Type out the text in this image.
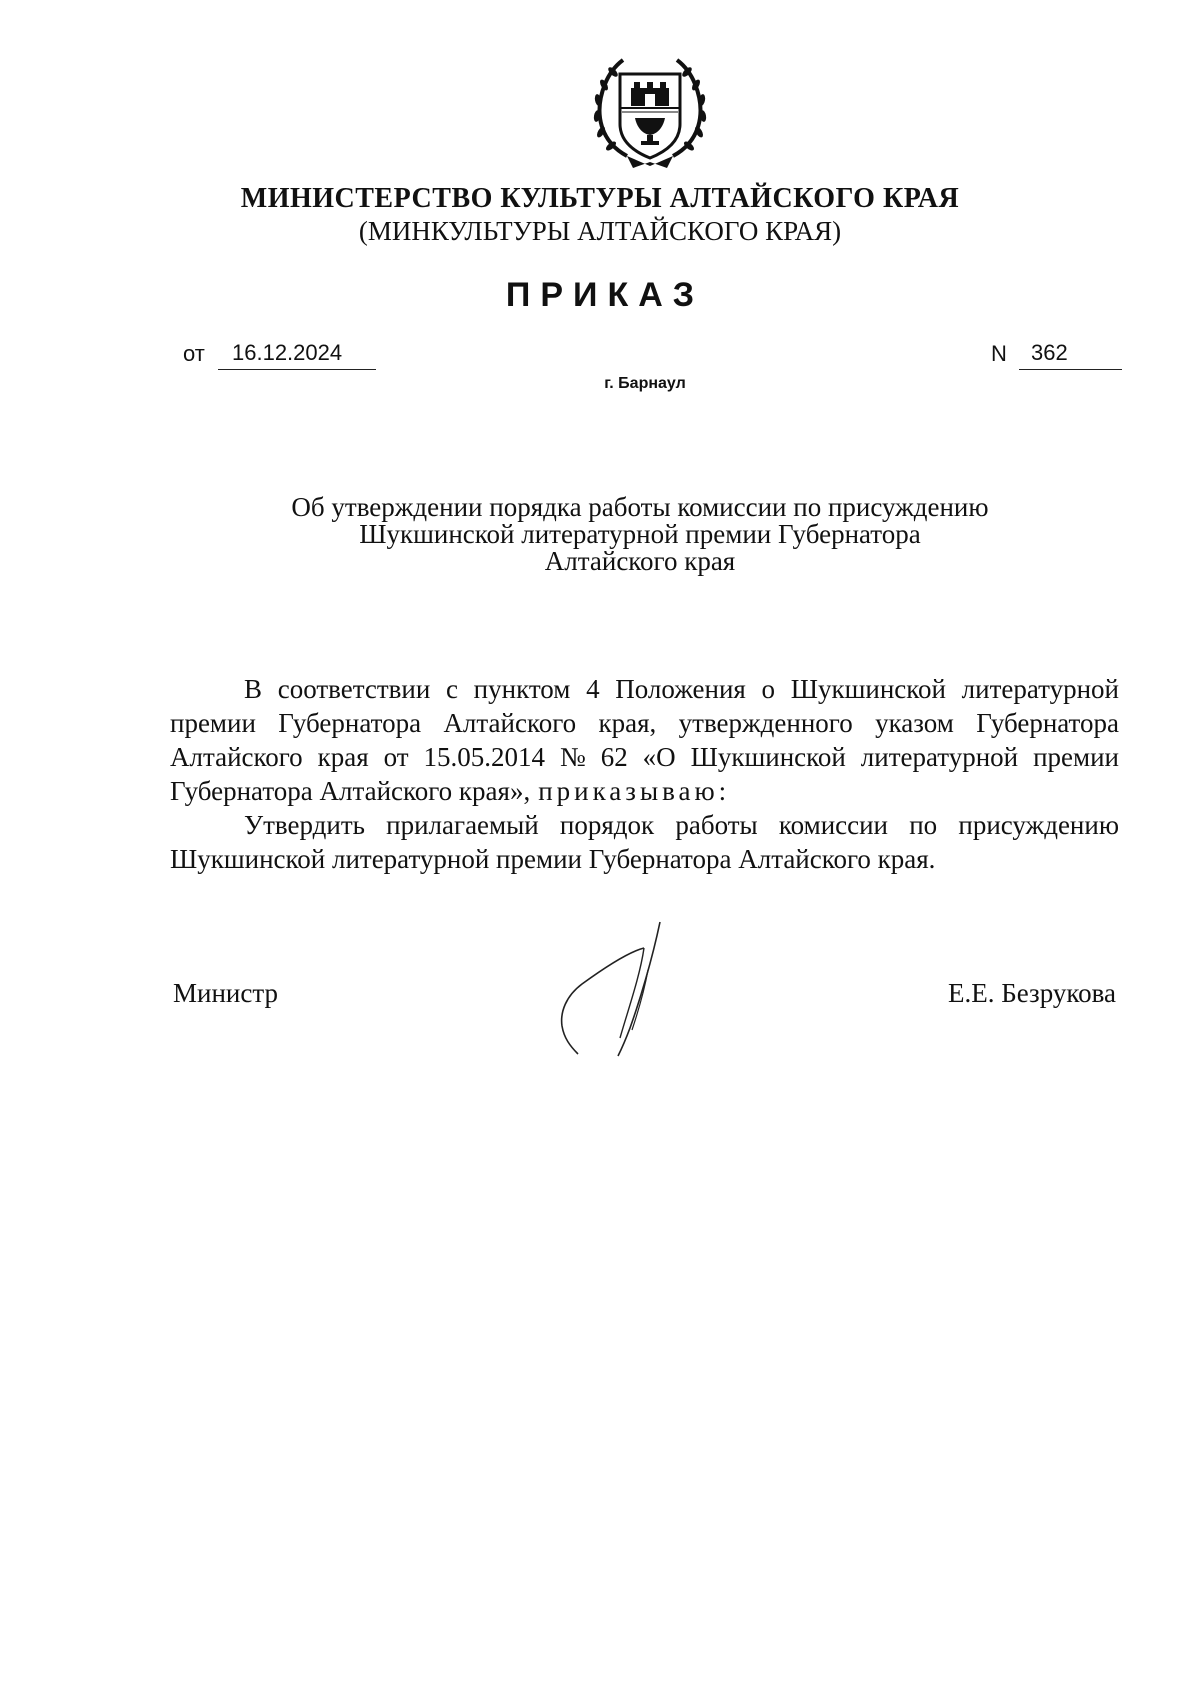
МИНИСТЕРСТВО КУЛЬТУРЫ АЛТАЙСКОГО КРАЯ
(МИНКУЛЬТУРЫ АЛТАЙСКОГО КРАЯ)
ПРИКАЗ
от	16.12.2024	N	362
г. Барнаул
Об утверждении порядка работы комиссии по присуждению
Шукшинской литературной премии Губернатора
Алтайского края
В соответствии с пунктом 4 Положения о Шукшинской литературной
премии Губернатора Алтайского края, утвержденного указом Губернатора
Алтайского края от 15.05.2014 № 62 «О Шукшинской литературной премии
Губернатора Алтайского края», приказываю:
Утвердить прилагаемый порядок работы комиссии по присуждению
Шукшинской литературной премии Губернатора Алтайского края.
Министр	Е.Е. Безрукова
